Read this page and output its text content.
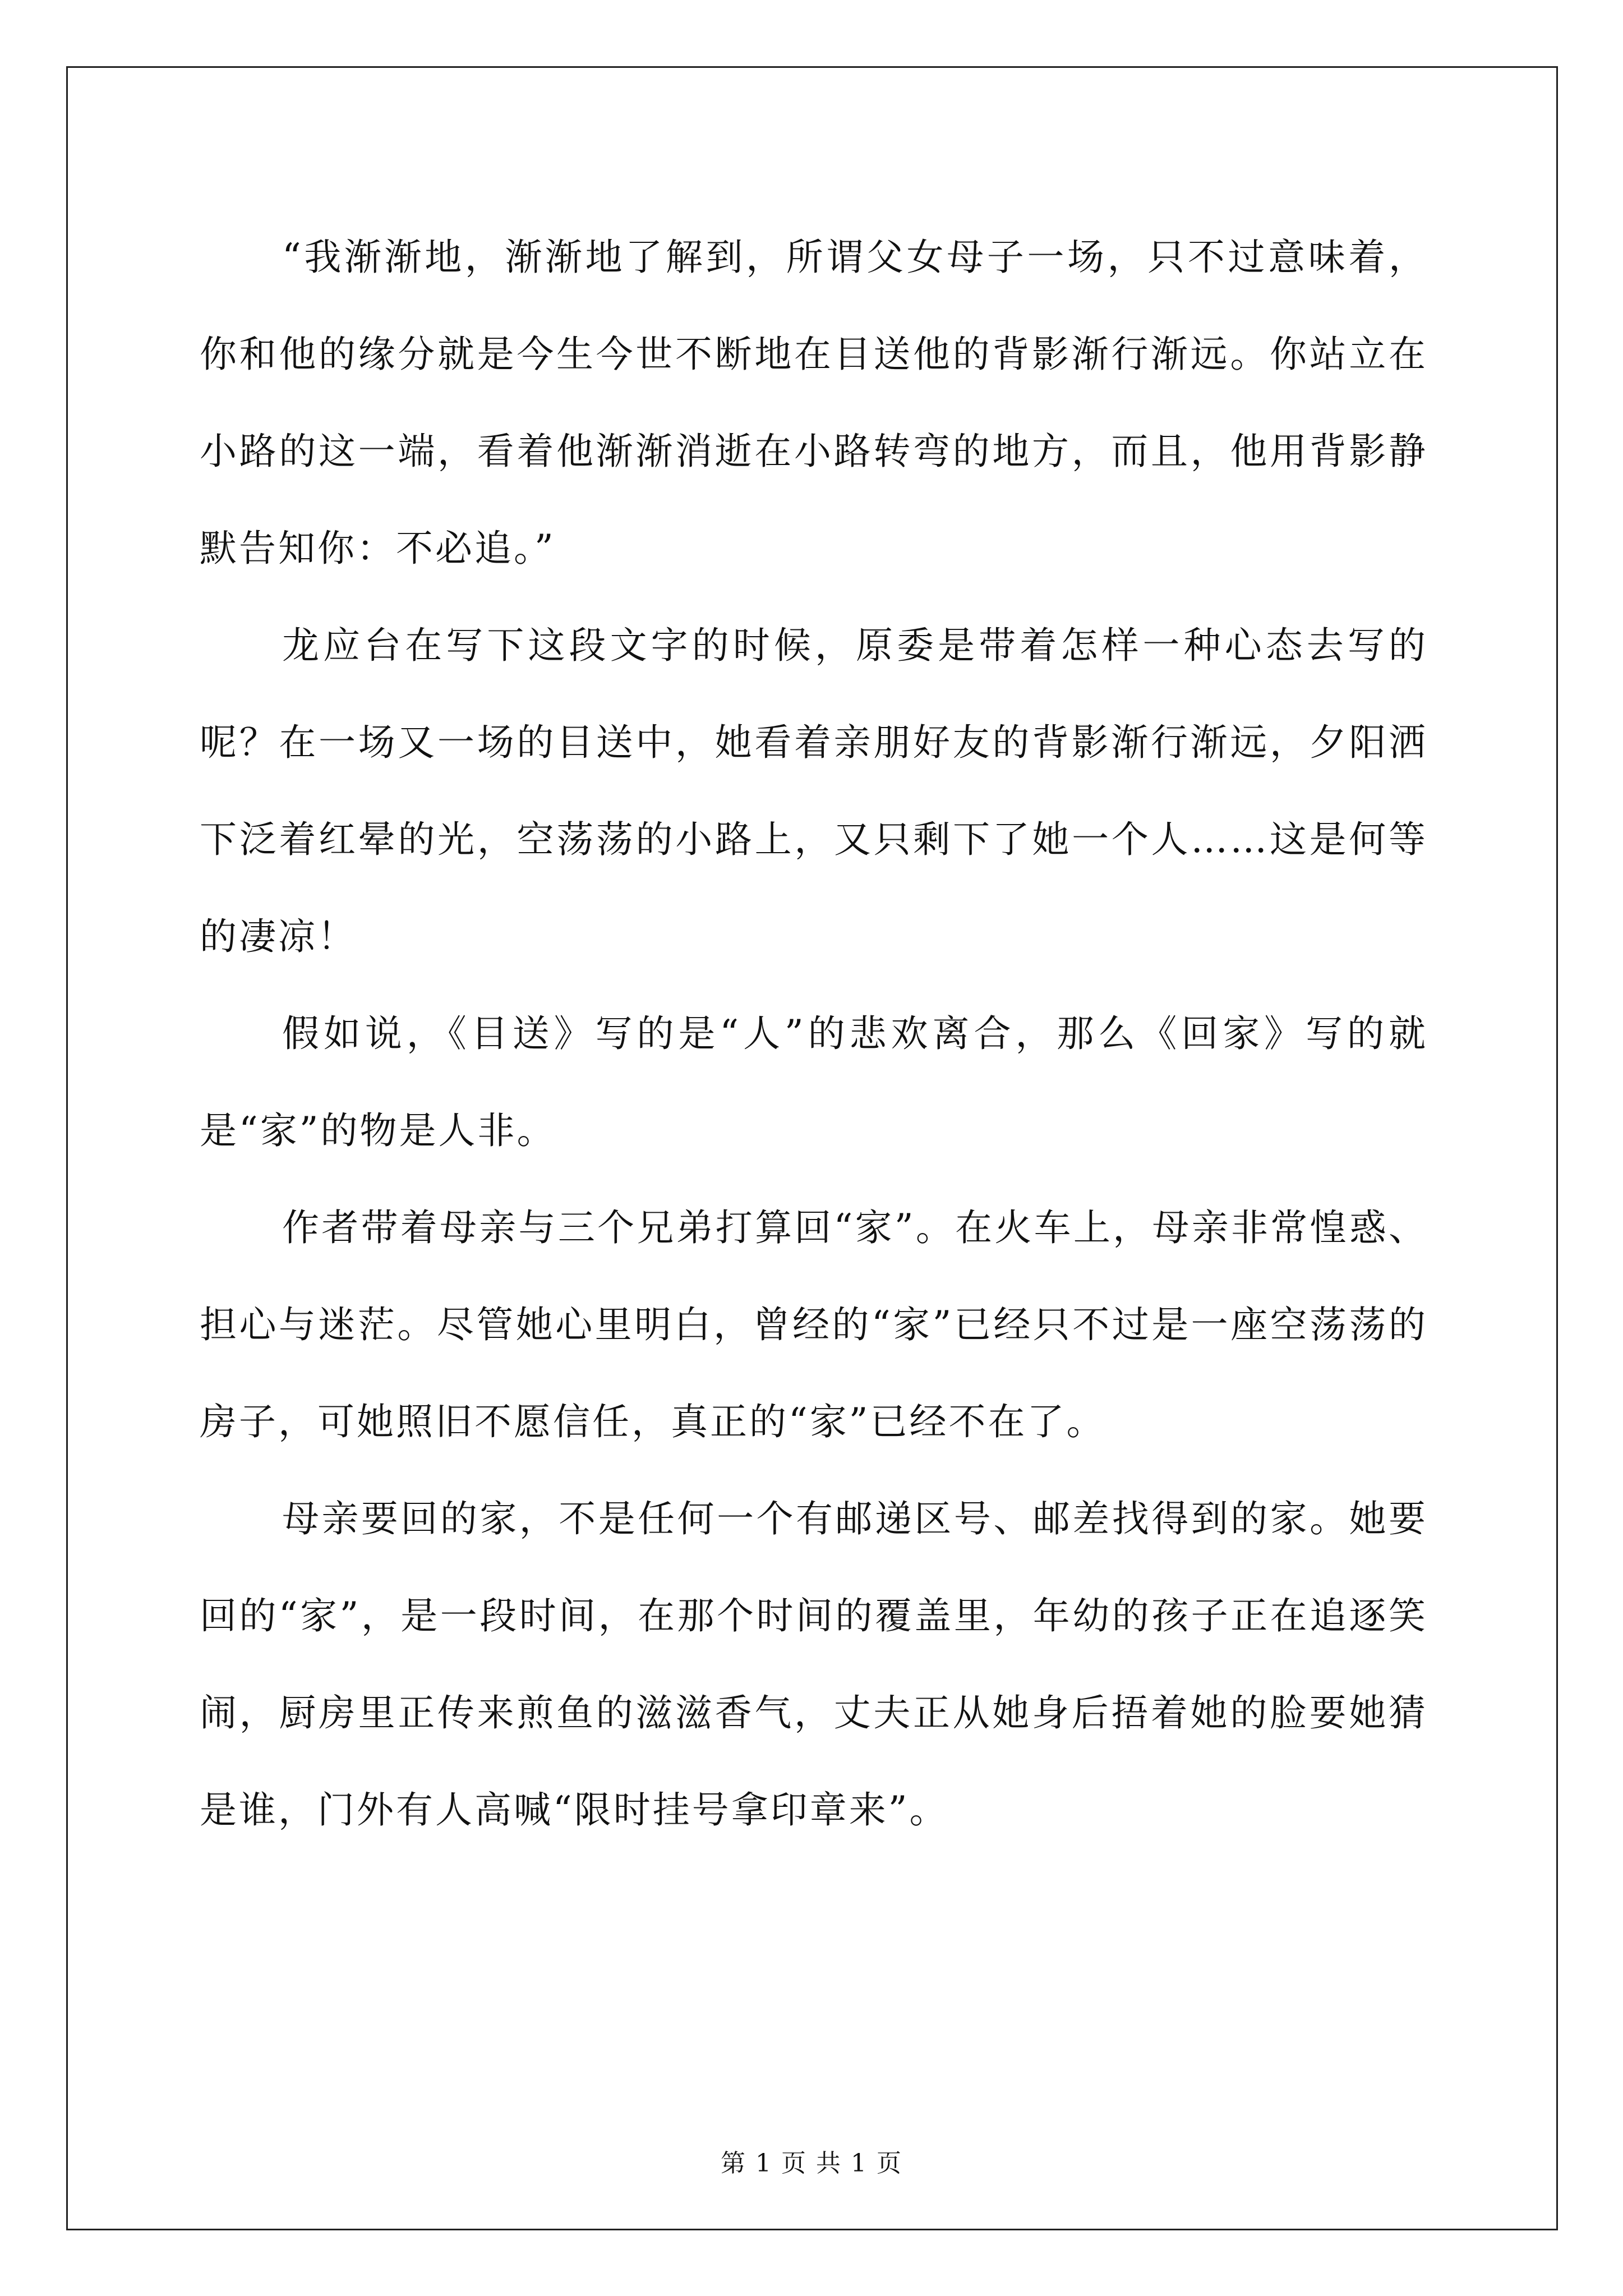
“我渐渐地，渐渐地了解到，所谓父女母子一场，只不过意味着，你和他的缘分就是今生今世不断地在目送他的背影渐行渐远。你站立在小路的这一端，看着他渐渐消逝在小路转弯的地方，而且，他用背影静默告知你：不必追。”

龙应台在写下这段文字的时候，原委是带着怎样一种心态去写的呢？在一场又一场的目送中，她看着亲朋好友的背影渐行渐远，夕阳洒下泛着红晕的光，空荡荡的小路上，又只剩下了她一个人……这是何等的凄凉！

假如说，《目送》写的是“人”的悲欢离合，那么《回家》写的就是“家”的物是人非。

作者带着母亲与三个兄弟打算回“家”。在火车上，母亲非常惶惑、担心与迷茫。尽管她心里明白，曾经的“家”已经只不过是一座空荡荡的房子，可她照旧不愿信任，真正的“家”已经不在了。

母亲要回的家，不是任何一个有邮递区号、邮差找得到的家。她要回的“家”，是一段时间，在那个时间的覆盖里，年幼的孩子正在追逐笑闹，厨房里正传来煎鱼的滋滋香气，丈夫正从她身后捂着她的脸要她猜是谁，门外有人高喊“限时挂号拿印章来”。

第 1 页 共 1 页
